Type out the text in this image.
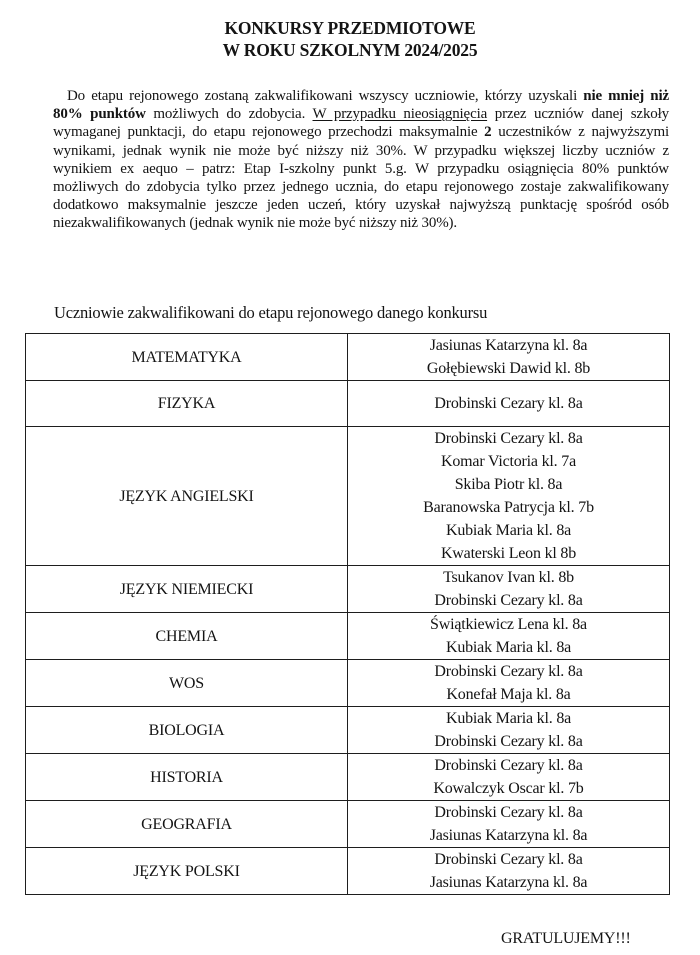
KONKURSY PRZEDMIOTOWE
W ROKU SZKOLNYM 2024/2025

Do etapu rejonowego zostaną zakwalifikowani wszyscy uczniowie, którzy uzyskali nie mniej niż 80% punktów możliwych do zdobycia. W przypadku nieosiągnięcia przez uczniów danej szkoły wymaganej punktacji, do etapu rejonowego przechodzi maksymalnie 2 uczestników z najwyższymi wynikami, jednak wynik nie może być niższy niż 30%. W przypadku większej liczby uczniów z wynikiem ex aequo – patrz: Etap I-szkolny punkt 5.g. W przypadku osiągnięcia 80% punktów możliwych do zdobycia tylko przez jednego ucznia, do etapu rejonowego zostaje zakwalifikowany dodatkowo maksymalnie jeszcze jeden uczeń, który uzyskał najwyższą punktację spośród osób niezakwalifikowanych (jednak wynik nie może być niższy niż 30%).

Uczniowie zakwalifikowani do etapu rejonowego danego konkursu
MATEMATYKA	Jasiunas Katarzyna kl. 8a
Gołębiewski Dawid kl. 8b

FIZYKA	Drobinski Cezary kl. 8a

JĘZYK ANGIELSKI	
Drobinski Cezary kl. 8a
Komar Victoria kl. 7a
Skiba Piotr kl. 8a
Baranowska Patrycja kl. 7b
Kubiak Maria kl. 8a
Kwaterski Leon kl 8b

JĘZYK NIEMIECKI	Tsukanov Ivan kl. 8b
Drobinski Cezary kl. 8a

CHEMIA	Świątkiewicz Lena kl. 8a
Kubiak Maria kl. 8a

WOS	Drobinski Cezary kl. 8a
Konefał Maja kl. 8a

BIOLOGIA	Kubiak Maria kl. 8a
Drobinski Cezary kl. 8a

HISTORIA	Drobinski Cezary kl. 8a
Kowalczyk Oscar kl. 7b

GEOGRAFIA	Drobinski Cezary kl. 8a
Jasiunas Katarzyna kl. 8a

JĘZYK POLSKI	Drobinski Cezary kl. 8a
Jasiunas Katarzyna kl. 8a
GRATULUJEMY!!!
